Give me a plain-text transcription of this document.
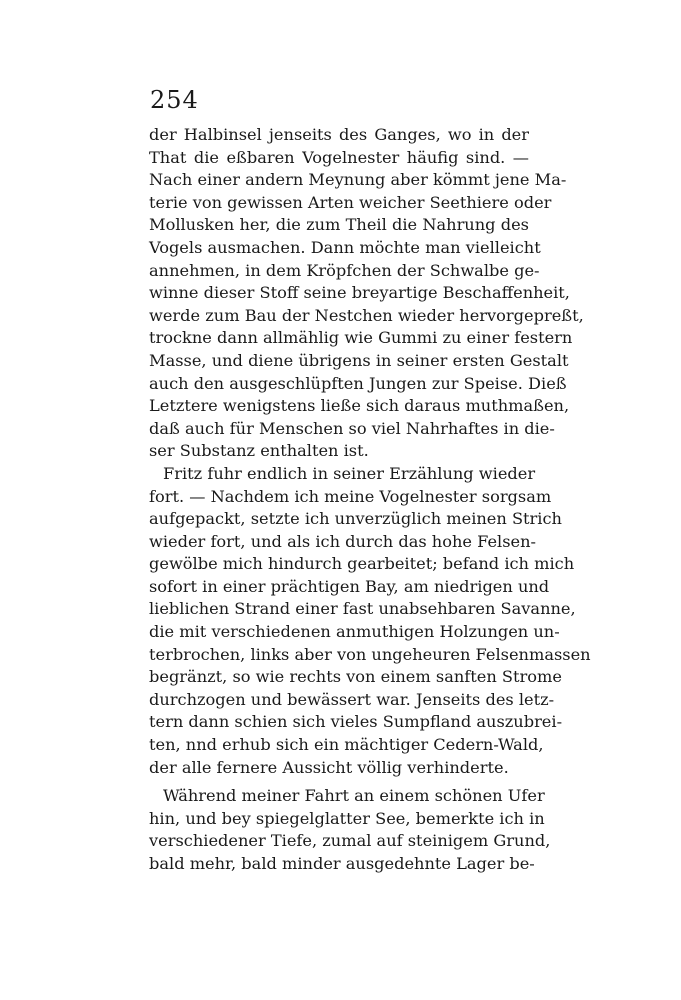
254
der Halbinsel jenseits des Ganges, wo in der
That die eßbaren Vogelnester häufig sind. —
Nach einer andern Meynung aber kömmt jene Ma-
terie von gewissen Arten weicher Seethiere oder
Mollusken her, die zum Theil die Nahrung des
Vogels ausmachen. Dann möchte man vielleicht
annehmen, in dem Kröpfchen der Schwalbe ge-
winne dieser Stoff seine breyartige Beschaffenheit,
werde zum Bau der Nestchen wieder hervorgepreßt,
trockne dann allmählig wie Gummi zu einer festern
Masse, und diene übrigens in seiner ersten Gestalt
auch den ausgeschlüpften Jungen zur Speise. Dieß
Letztere wenigstens ließe sich daraus muthmaßen,
daß auch für Menschen so viel Nahrhaftes in die-
ser Substanz enthalten ist.
Fritz fuhr endlich in seiner Erzählung wieder
fort. — Nachdem ich meine Vogelnester sorgsam
aufgepackt, setzte ich unverzüglich meinen Strich
wieder fort, und als ich durch das hohe Felsen-
gewölbe mich hindurch gearbeitet; befand ich mich
sofort in einer prächtigen Bay, am niedrigen und
lieblichen Strand einer fast unabsehbaren Savanne,
die mit verschiedenen anmuthigen Holzungen un-
terbrochen, links aber von ungeheuren Felsenmassen
begränzt, so wie rechts von einem sanften Strome
durchzogen und bewässert war. Jenseits des letz-
tern dann schien sich vieles Sumpfland auszubrei-
ten, nnd erhub sich ein mächtiger Cedern-Wald,
der alle fernere Aussicht völlig verhinderte.
Während meiner Fahrt an einem schönen Ufer
hin, und bey spiegelglatter See, bemerkte ich in
verschiedener Tiefe, zumal auf steinigem Grund,
bald mehr, bald minder ausgedehnte Lager be-
